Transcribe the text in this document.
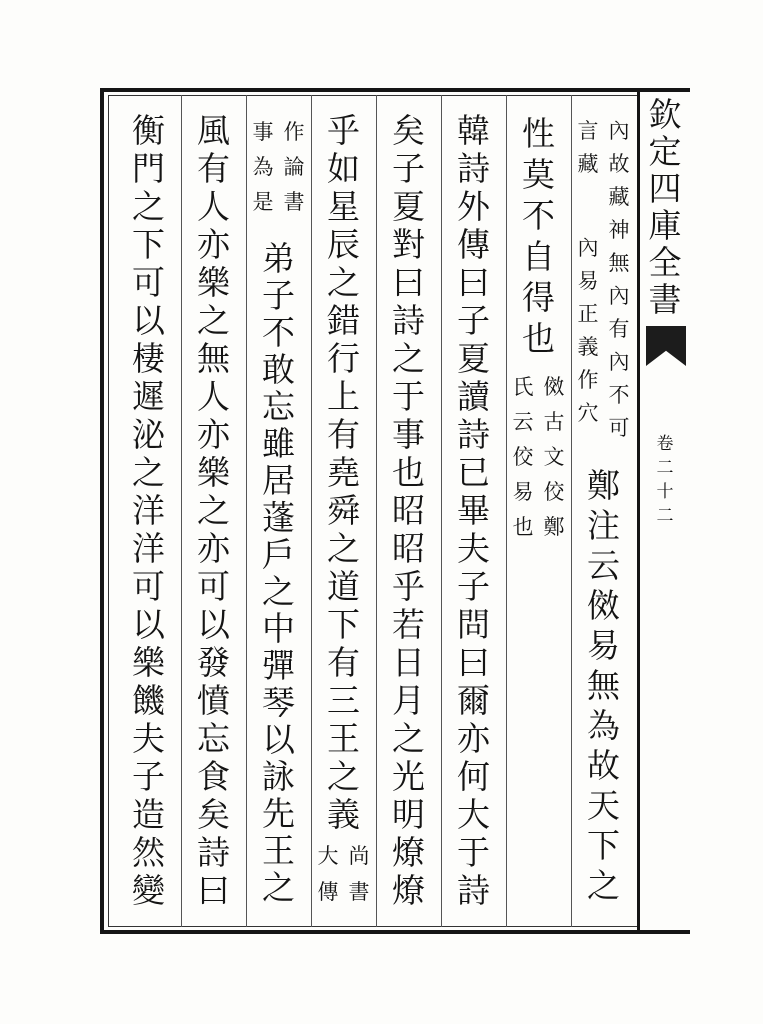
欽定四庫全書
卷二十二
內故藏神無內有內不可
言藏
內易正義作穴
鄭注云傚易無為故天下之
性莫不自得也
傚古文佼鄭
氏云佼易也
韓詩外傳曰子夏讀詩已畢夫子問曰爾亦何大于詩
矣子夏對曰詩之于事也昭昭乎若日月之光明燎燎
乎如星辰之錯行上有堯舜之道下有三王之義
尚書
大傳
作論書
事為是
弟子不敢忘雖居蓬戶之中彈琴以詠先王之
風有人亦樂之無人亦樂之亦可以發憤忘食矣詩曰
衡門之下可以棲遲泌之洋洋可以樂饑夫子造然變
